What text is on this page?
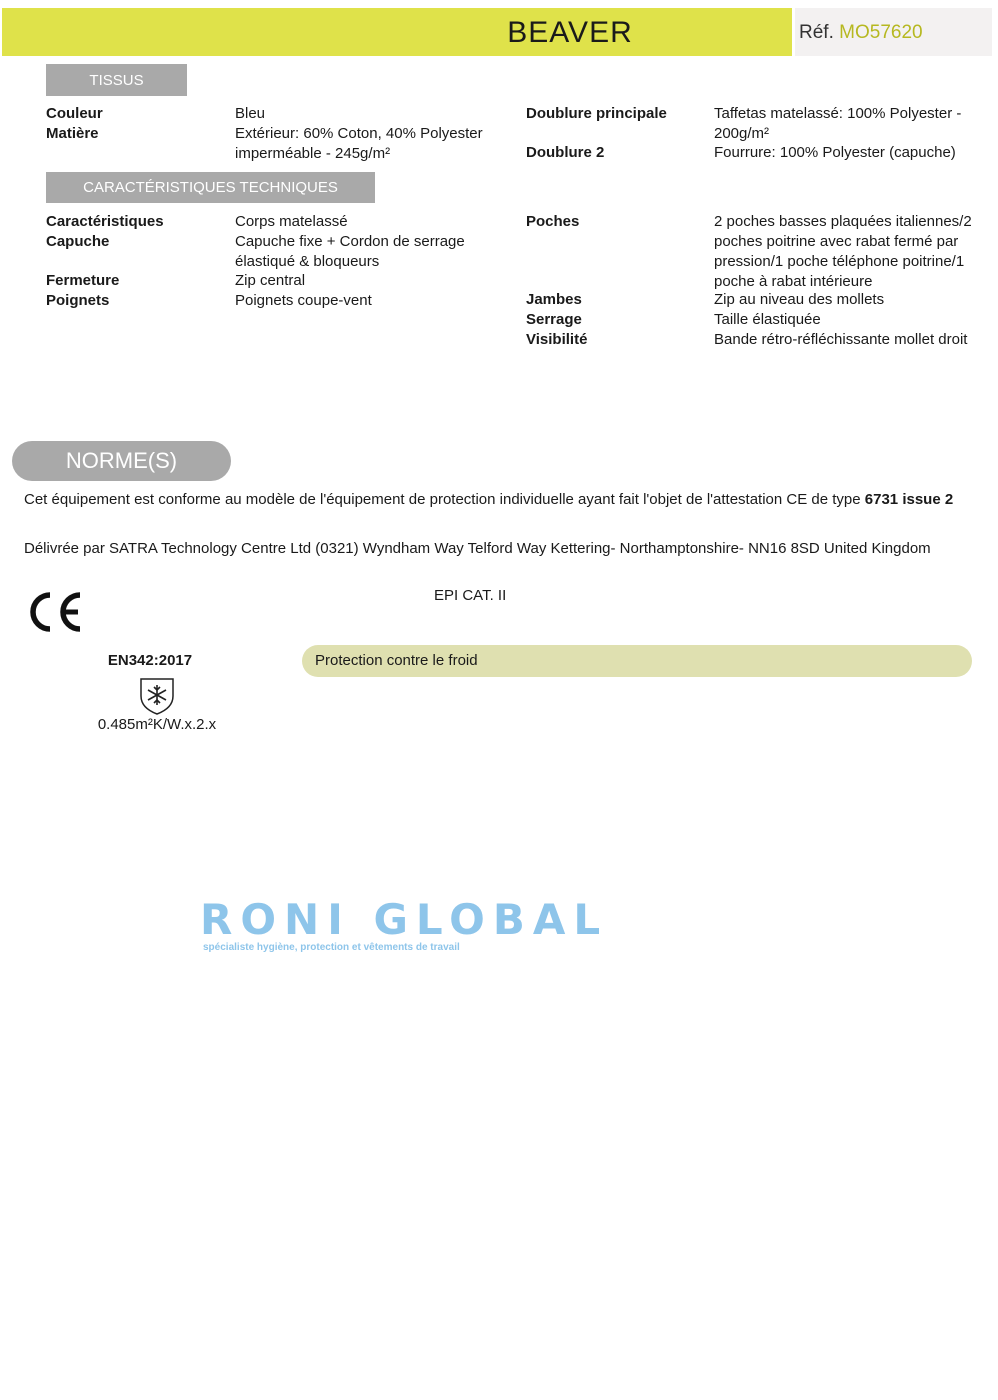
BEAVER	Réf. MO57620
TISSUS
Couleur	Bleu
Matière	Extérieur: 60% Coton, 40% Polyester imperméable - 245g/m²
Doublure principale	Taffetas matelassé: 100% Polyester - 200g/m²
Doublure 2	Fourrure: 100% Polyester (capuche)
CARACTÉRISTIQUES TECHNIQUES
Caractéristiques	Corps matelassé
Capuche	Capuche fixe + Cordon de serrage élastiqué & bloqueurs
Fermeture	Zip central
Poignets	Poignets coupe-vent
Poches	2 poches basses plaquées italiennes/2 poches poitrine avec rabat fermé par pression/1 poche téléphone poitrine/1 poche à rabat intérieure
Jambes	Zip au niveau des mollets
Serrage	Taille élastiquée
Visibilité	Bande rétro-réfléchissante mollet droit
NORME(S)
Cet équipement est conforme au modèle de l'équipement de protection individuelle ayant fait l'objet de l'attestation CE de type 6731 issue 2
Délivrée par SATRA Technology Centre Ltd (0321) Wyndham Way Telford Way Kettering- Northamptonshire- NN16 8SD United Kingdom
EPI CAT. II
EN342:2017
0.485m²K/W.x.2.x
Protection contre le froid
RONI GLOBAL
spécialiste hygiène, protection et vêtements de travail
